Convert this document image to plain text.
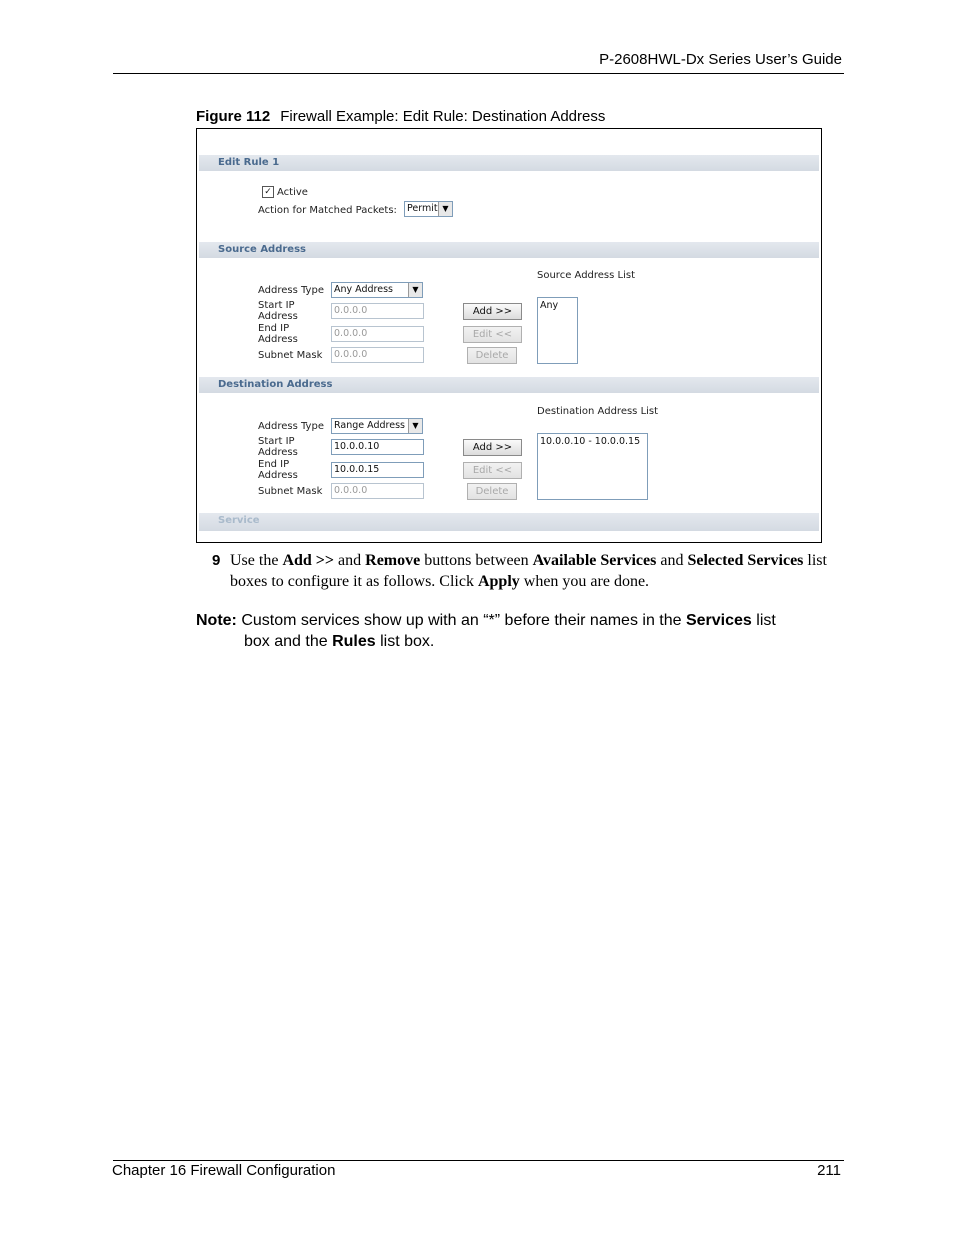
P-2608HWL-Dx Series User’s Guide
Figure 112 Firewall Example: Edit Rule: Destination Address
Edit Rule 1
✓ Active
Action for Matched Packets:	Permit ▼
Source Address
Source Address List
Address Type	Any Address	▼
Start IP
Address
0.0.0.0	Add >>
Any
End IP
Address
0.0.0.0	Edit <<
Subnet Mask	0.0.0.0	Delete
Destination Address
Destination Address List
Address Type	Range Address ▼
Start IP
Address
10.0.0.10	Add >>
10.0.0.10 - 10.0.0.15
End IP
Address
10.0.0.15	Edit <<
Subnet Mask	0.0.0.0	Delete
Service
9 Use the Add >> and Remove buttons between Available Services and Selected Services list boxes to configure it as follows. Click Apply when you are done.
Note: Custom services show up with an “*” before their names in the Services list
box and the Rules list box.
Chapter 16 Firewall Configuration	211
